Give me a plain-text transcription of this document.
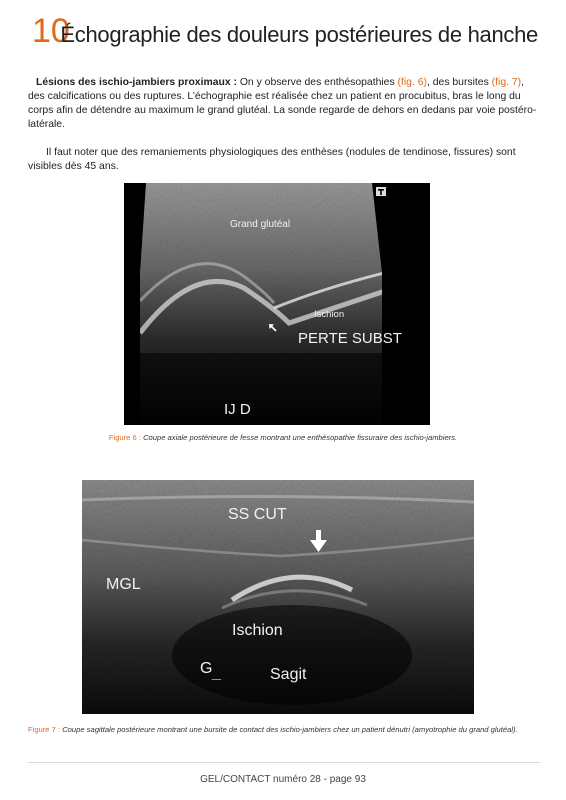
10
Échographie des douleurs postérieures de hanche

Lésions des ischio-jambiers proximaux : On y observe des enthésopathies (fig. 6), des bursites (fig. 7), des calcifications ou des ruptures. L’échographie est réalisée chez un patient en procubitus, bras le long du corps afin de détendre au maximum le grand glutéal. La sonde regarde de dehors en dedans par voie postéro-latérale.

Il faut noter que des remaniements physiologiques des enthèses (nodules de tendinose, fissures) sont visibles dès 45 ans.

Grand glutéal
Ischion
PERTE SUBST
IJ D

Figure 6 : Coupe axiale postérieure de fesse montrant une enthésopathie fissuraire des ischio-jambiers.

SS CUT
MGL
Ischion
G _	Sagit

Figure 7 : Coupe sagittale postérieure montrant une bursite de contact des ischio-jambiers chez un patient dénutri (amyotrophie du grand glutéal).

GEL/CONTACT numéro 28 - page 93
